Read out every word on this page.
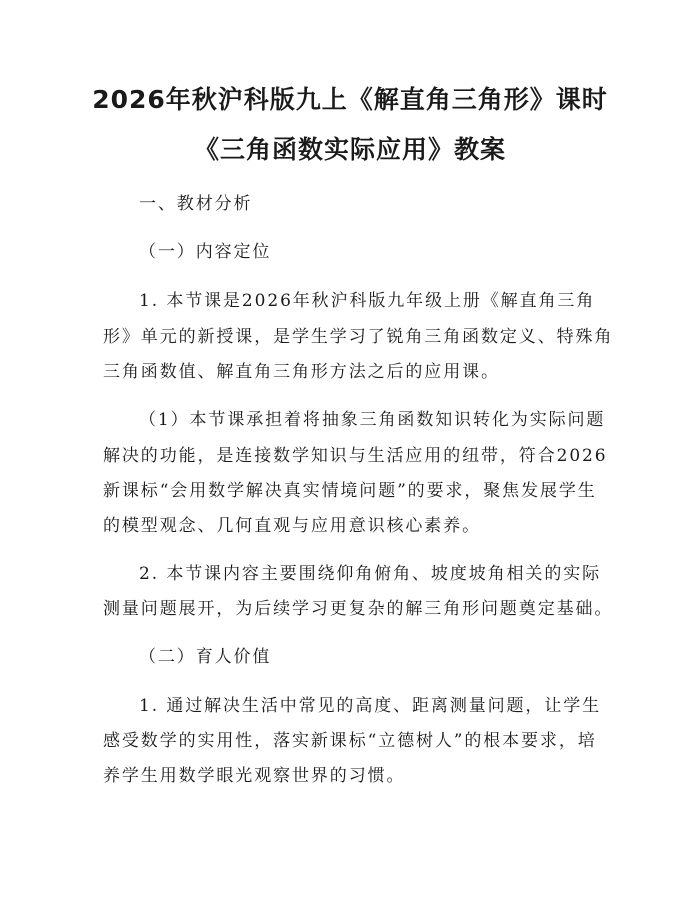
2026年秋沪科版九上《解直角三角形》课时
《三角函数实际应用》教案
一、教材分析
（一）内容定位
1. 本节课是2026年秋沪科版九年级上册《解直角三角
形》单元的新授课，是学生学习了锐角三角函数定义、特殊角
三角函数值、解直角三角形方法之后的应用课。
（1）本节课承担着将抽象三角函数知识转化为实际问题
解决的功能，是连接数学知识与生活应用的纽带，符合2026
新课标“会用数学解决真实情境问题”的要求，聚焦发展学生
的模型观念、几何直观与应用意识核心素养。
2. 本节课内容主要围绕仰角俯角、坡度坡角相关的实际
测量问题展开，为后续学习更复杂的解三角形问题奠定基础。
（二）育人价值
1. 通过解决生活中常见的高度、距离测量问题，让学生
感受数学的实用性，落实新课标“立德树人”的根本要求，培
养学生用数学眼光观察世界的习惯。
